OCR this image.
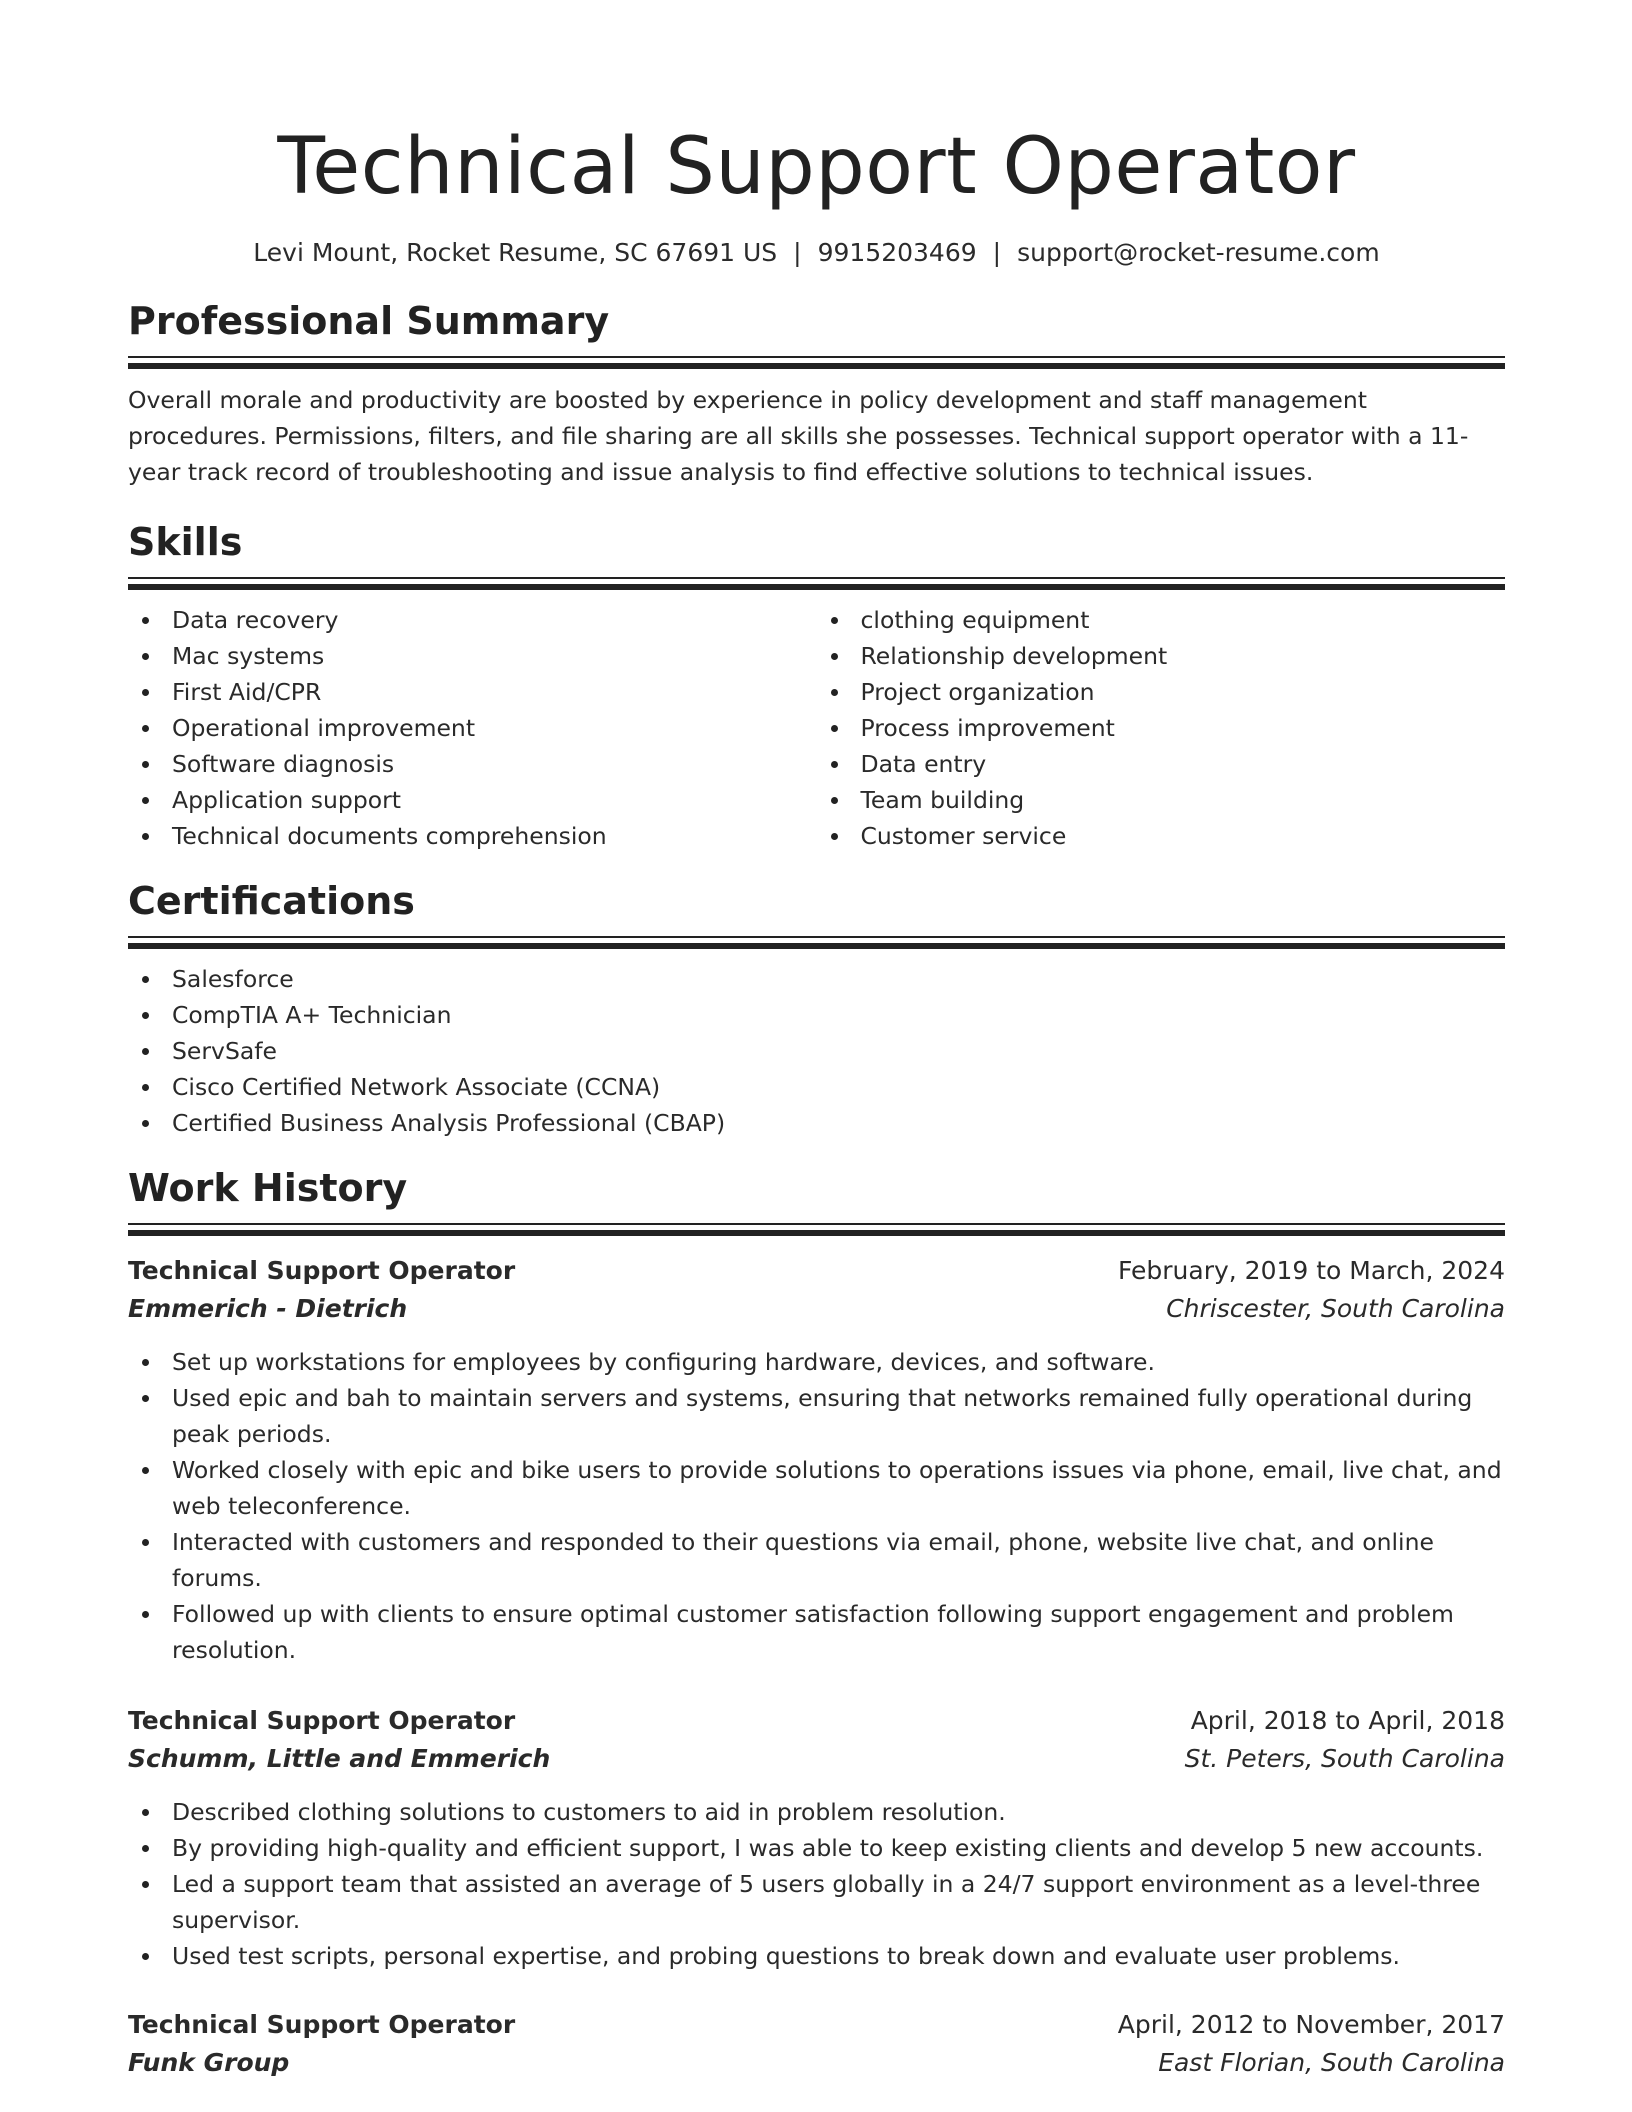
Technical Support Operator
Levi Mount, Rocket Resume, SC 67691 US | 9915203469 | support@rocket-resume.com
Professional Summary

Overall morale and productivity are boosted by experience in policy development and staff management procedures. Permissions, filters, and file sharing are all skills she possesses. Technical support operator with a 11-year track record of troubleshooting and issue analysis to find effective solutions to technical issues.

Skills
Data recovery
Mac systems
First Aid/CPR
Operational improvement
Software diagnosis
Application support
Technical documents comprehension
clothing equipment
Relationship development
Project organization
Process improvement
Data entry
Team building
Customer service
Certifications
Salesforce
CompTIA A+ Technician
ServSafe
Cisco Certified Network Associate (CCNA)
Certified Business Analysis Professional (CBAP)
Work History
Technical Support Operator	February, 2019 to March, 2024
Emmerich - Dietrich	Chriscester, South Carolina
Set up workstations for employees by configuring hardware, devices, and software.
Used epic and bah to maintain servers and systems, ensuring that networks remained fully operational during peak periods.
Worked closely with epic and bike users to provide solutions to operations issues via phone, email, live chat, and web teleconference.
Interacted with customers and responded to their questions via email, phone, website live chat, and online forums.
Followed up with clients to ensure optimal customer satisfaction following support engagement and problem resolution.
Technical Support Operator	April, 2018 to April, 2018
Schumm, Little and Emmerich	St. Peters, South Carolina
Described clothing solutions to customers to aid in problem resolution.
By providing high-quality and efficient support, I was able to keep existing clients and develop 5 new accounts.
Led a support team that assisted an average of 5 users globally in a 24/7 support environment as a level-three supervisor.
Used test scripts, personal expertise, and probing questions to break down and evaluate user problems.
Technical Support Operator	April, 2012 to November, 2017
Funk Group	East Florian, South Carolina
